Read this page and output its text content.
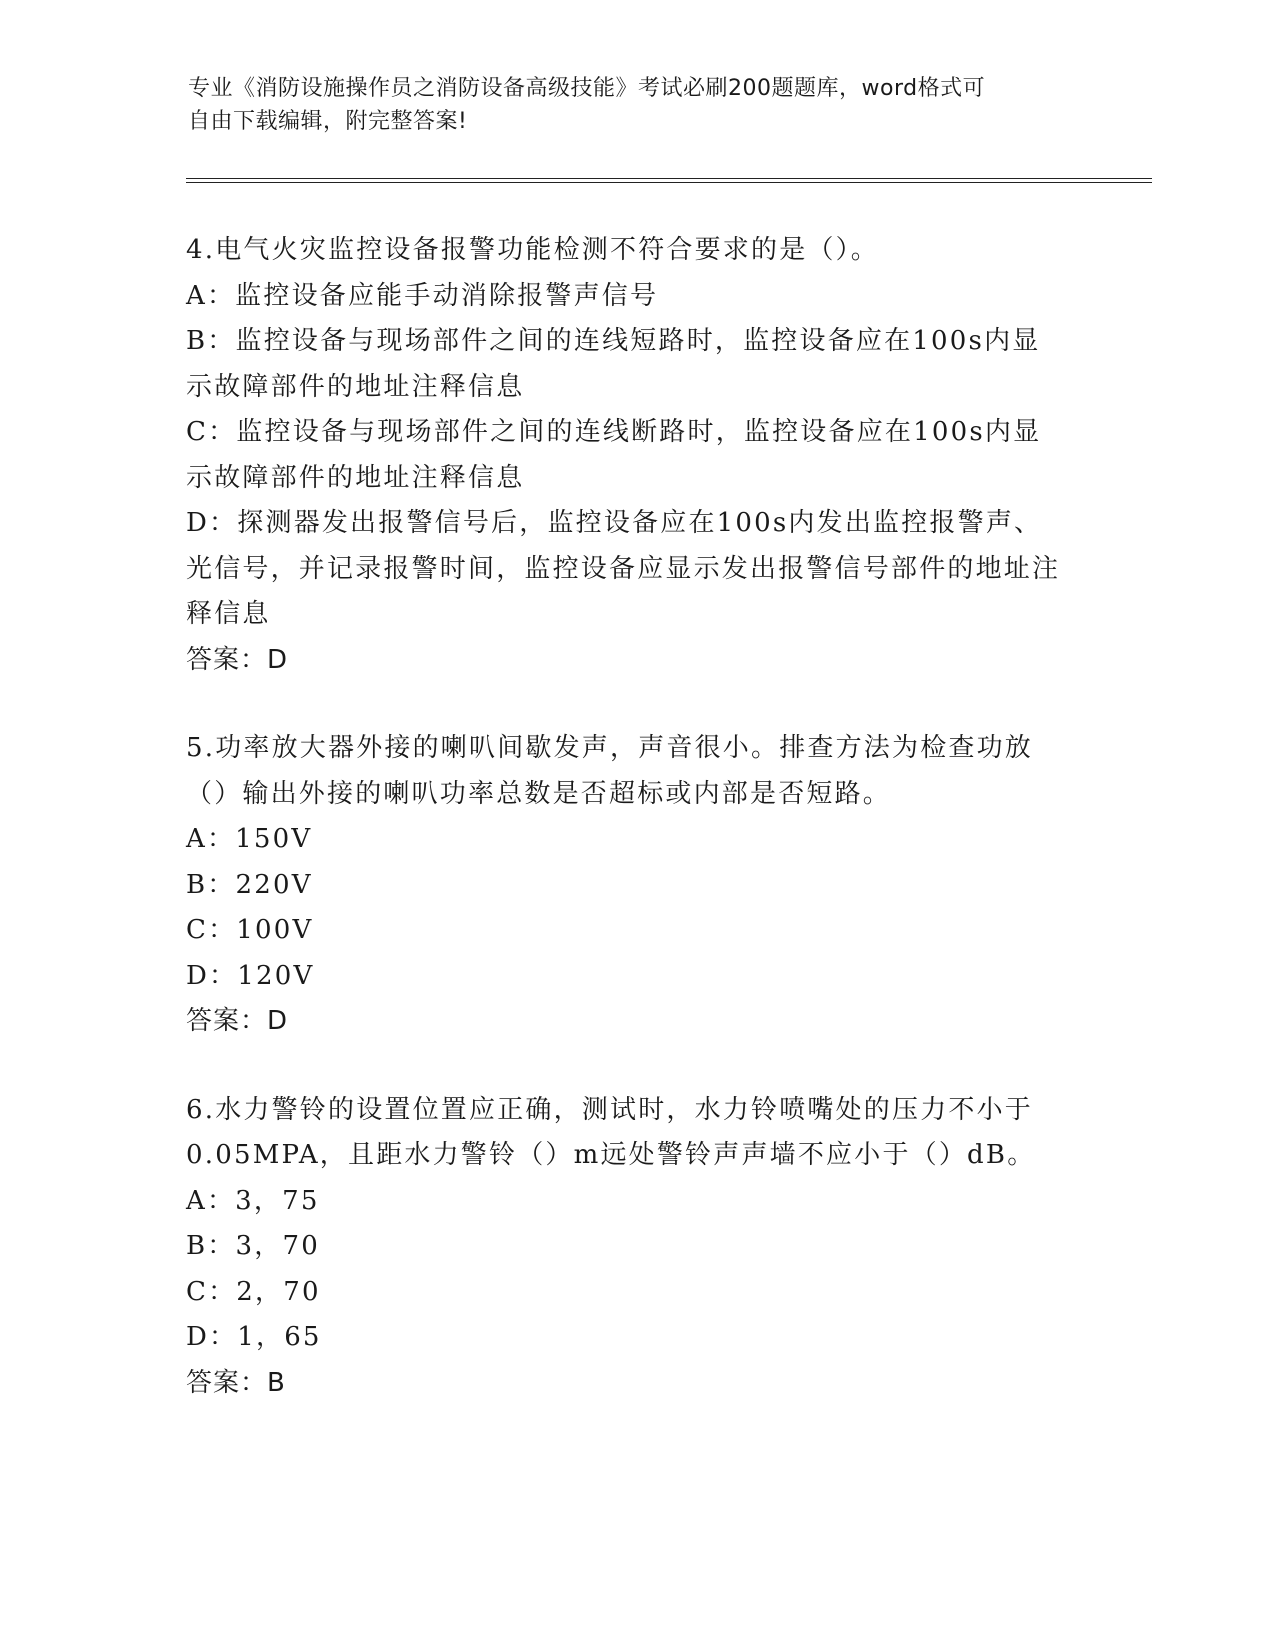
专业《消防设施操作员之消防设备高级技能》考试必刷200题题库，word格式可
自由下载编辑，附完整答案!
4.电气火灾监控设备报警功能检测不符合要求的是（）。
A：监控设备应能手动消除报警声信号
B：监控设备与现场部件之间的连线短路时，监控设备应在100s内显示故障部件的地址注释信息
C：监控设备与现场部件之间的连线断路时，监控设备应在100s内显示故障部件的地址注释信息
D：探测器发出报警信号后，监控设备应在100s内发出监控报警声、光信号，并记录报警时间，监控设备应显示发出报警信号部件的地址注释信息
答案：D
5.功率放大器外接的喇叭间歇发声，声音很小。排查方法为检查功放（）输出外接的喇叭功率总数是否超标或内部是否短路。
A：150V
B：220V
C：100V
D：120V
答案：D
6.水力警铃的设置位置应正确，测试时，水力铃喷嘴处的压力不小于0.05MPA，且距水力警铃（）m远处警铃声声墙不应小于（）dB。
A：3，75
B：3，70
C：2，70
D：1，65
答案：B
